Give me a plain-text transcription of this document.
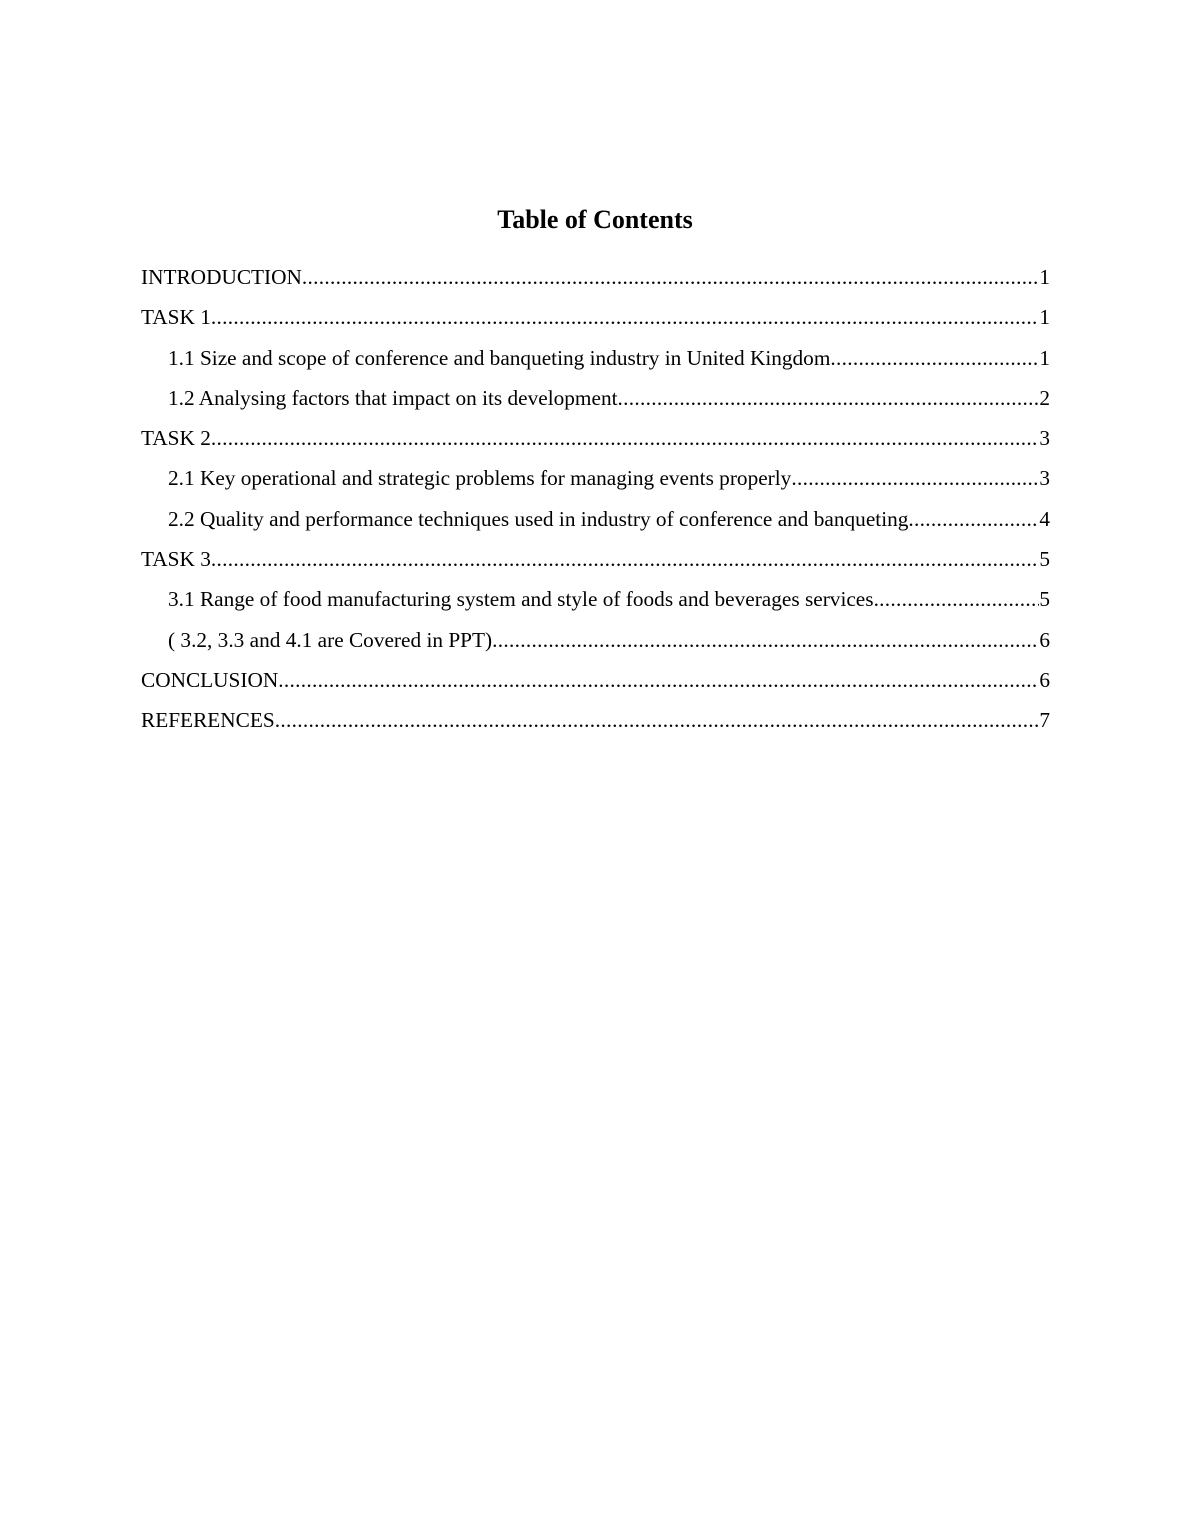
Table of Contents
INTRODUCTION .....	1
TASK 1 .....	1
1.1 Size and scope of conference and banqueting industry in United Kingdom .....	1
1.2 Analysing factors that impact on its development .....	2
TASK 2 .....	3
2.1 Key operational and strategic problems for managing events properly .....	3
2.2 Quality and performance techniques used in industry of conference and banqueting .....	4
TASK 3 .....	5
3.1 Range of food manufacturing system and style of foods and beverages services .....	5
( 3.2, 3.3 and 4.1 are Covered in PPT) .....	6
CONCLUSION .....	6
REFERENCES .....	7
